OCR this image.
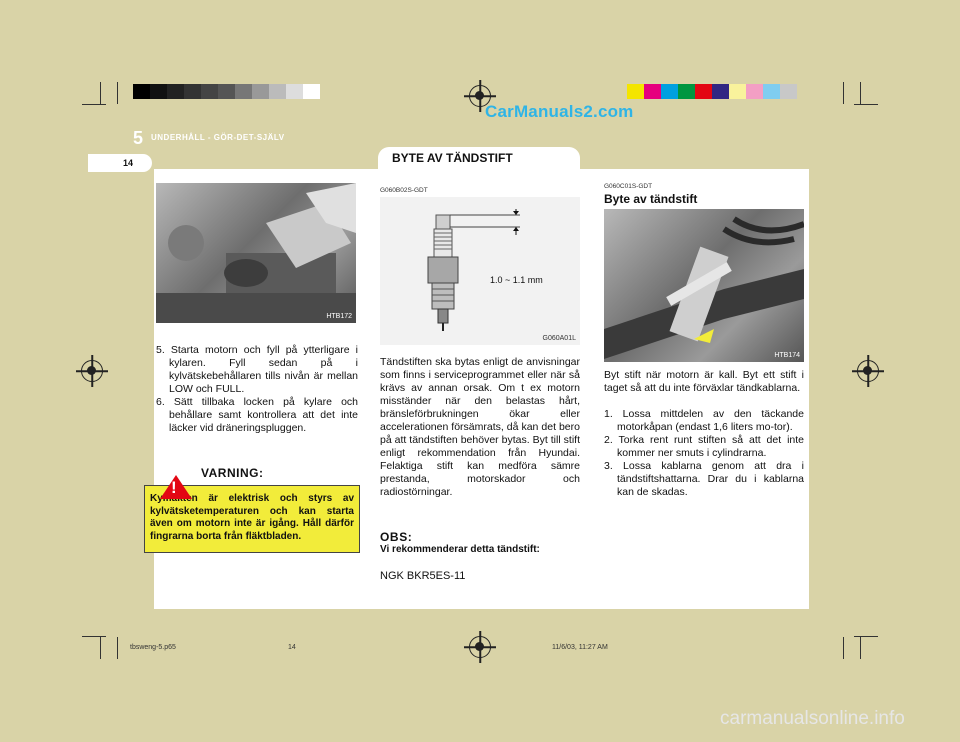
CarManuals2.com
5 UNDERHÅLL - GÖR-DET-SJÄLV
14	BYTE AV TÄNDSTIFT
HTB172
5. Starta motorn och fyll på ytterligare i kylaren. Fyll sedan på i kylvätskebehållaren tills nivån är mellan LOW och FULL.
6. Sätt tillbaka locken på kylare och behållare samt kontrollera att det inte läcker vid dräneringspluggen.
Kylfläkten är elektrisk och styrs av kylvätsketemperaturen och kan starta även om motorn inte är igång. Håll därför fingrarna borta från fläktbladen.
!
VARNING:
G060B02S-GDT
1.0 ~ 1.1 mm
G060A01L
Tändstiften ska bytas enligt de anvisningar som finns i serviceprogrammet eller när så krävs av annan orsak. Om t ex motorn misständer när den belastas hårt, bränsleförbrukningen ökar eller accelerationen försämrats, då kan det bero på att tändstiften behöver bytas. Byt till stift enligt rekommendation från Hyundai. Felaktiga stift kan medföra sämre prestanda, motorskador och radiostörningar.
OBS:
Vi rekommenderar detta tändstift:
NGK BKR5ES-11
G060C01S-GDT
Byte av tändstift
HTB174
Byt stift när motorn är kall. Byt ett stift i taget så att du inte förväxlar tändkablarna.
1. Lossa mittdelen av den täckande motorkåpan (endast 1,6 liters mo-tor).
2. Torka rent runt stiften så att det inte kommer ner smuts i cylindrarna.
3. Lossa kablarna genom att dra i tändstiftshattarna. Drar du i kablarna kan de skadas.
tbsweng-5.p65	14	11/6/03, 11:27 AM
carmanualsonline.info
